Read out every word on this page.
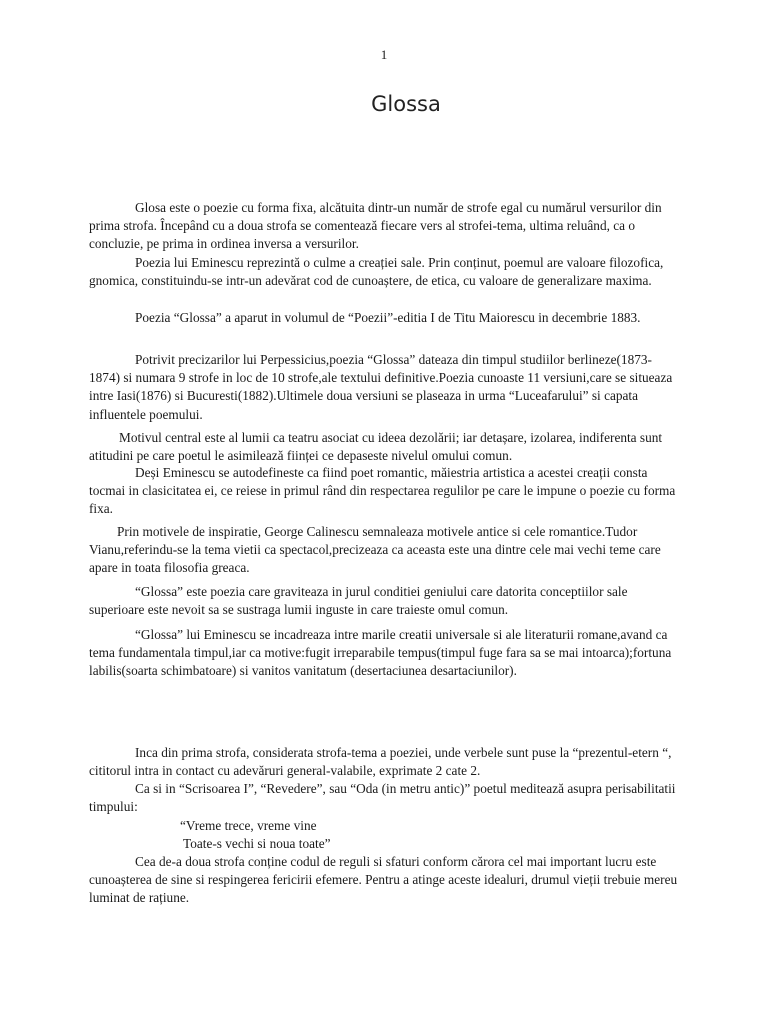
1
Glossa

Glosa este o poezie cu forma fixa, alcătuita dintr-un număr de strofe egal cu numărul versurilor din prima strofa. Începând cu a doua strofa se comentează fiecare vers al strofei-tema, ultima reluând, ca o concluzie, pe prima in ordinea inversa a versurilor.

Poezia lui Eminescu reprezintă o culme a creației sale. Prin conținut, poemul are valoare filozofica, gnomica, constituindu-se intr-un adevărat cod de cunoaștere, de etica, cu valoare de generalizare maxima.

Poezia “Glossa” a aparut in volumul de “Poezii”-editia I de Titu Maiorescu in decembrie 1883.

Potrivit precizarilor lui Perpessicius,poezia “Glossa” dateaza din timpul studiilor berlineze(1873-1874) si numara 9 strofe in loc de 10 strofe,ale textului definitive.Poezia cunoaste 11 versiuni,care se situeaza intre Iasi(1876) si Bucuresti(1882).Ultimele doua versiuni se plaseaza in urma “Luceafarului” si capata influentele poemului.

Motivul central este al lumii ca teatru asociat cu ideea dezolării; iar detașare, izolarea, indiferenta sunt atitudini pe care poetul le asimilează ființei ce depaseste nivelul omului comun.

Deși Eminescu se autodefineste ca fiind poet romantic, măiestria artistica a acestei creații consta tocmai in clasicitatea ei, ce reiese in primul rând din respectarea regulilor pe care le impune o poezie cu forma fixa.

Prin motivele de inspiratie, George Calinescu semnaleaza motivele antice si cele romantice.Tudor Vianu,referindu-se la tema vietii ca spectacol,precizeaza ca aceasta este una dintre cele mai vechi teme care apare in toata filosofia greaca.

“Glossa” este poezia care graviteaza in jurul conditiei geniului care datorita conceptiilor sale superioare este nevoit sa se sustraga lumii inguste in care traieste omul comun.

“Glossa” lui Eminescu se incadreaza intre marile creatii universale si ale literaturii romane,avand ca tema fundamentala timpul,iar ca motive:fugit irreparabile tempus(timpul fuge fara sa se mai intoarca);fortuna labilis(soarta schimbatoare) si vanitos vanitatum (desertaciunea desartaciunilor).

Inca din prima strofa, considerata strofa-tema a poeziei, unde verbele sunt puse la “prezentul-etern “, cititorul intra in contact cu adevăruri general-valabile, exprimate 2 cate 2.

Ca si in “Scrisoarea I”, “Revedere”, sau “Oda (in metru antic)” poetul meditează asupra perisabilitatii timpului:

“Vreme trece, vreme vine
Toate-s vechi si noua toate”

Cea de-a doua strofa conține codul de reguli si sfaturi conform cărora cel mai important lucru este cunoașterea de sine si respingerea fericirii efemere. Pentru a atinge aceste idealuri, drumul vieții trebuie mereu luminat de rațiune.
